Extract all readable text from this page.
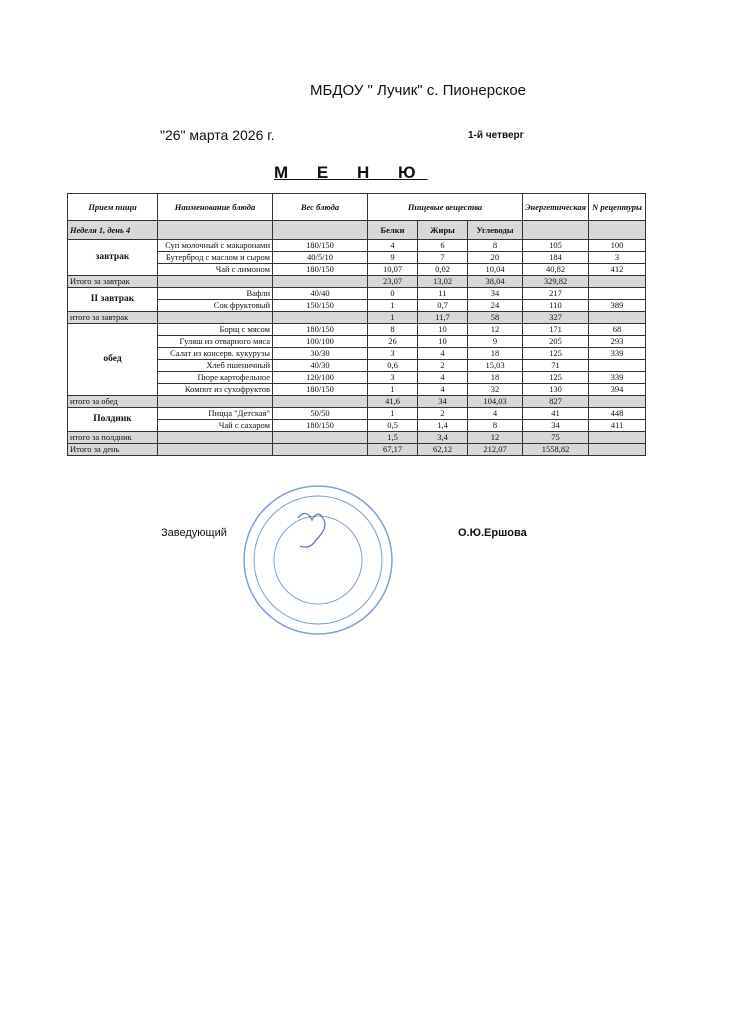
МБДОУ " Лучик" с. Пионерское
"26" марта 2026 г.	1-й четверг
М Е Н Ю
Прием пищи	Наименование блюда	Вес блюда	Пищевые вещества			Энергетическая	N рецептуры
Неделя 1, день 4			Белки	Жиры	Углеводы		
завтрак	Суп молочный с макаронами	180/150	4	6	8	105	100
	Бутерброд с маслом и сыром	40/5/10	9	7	20	184	3
	Чай с лимоном	180/150	10,07	0,02	10,04	40,82	412
Итого за завтрак			23,07	13,02	38,04	329,82	
II завтрак	Вафли	40/40	0	11	34	217	
	Сок фруктовый	150/150	1	0,7	24	110	389
итого за завтрак			1	11,7	58	327	
обед	Борщ с мясом	180/150	8	10	12	171	68
	Гуляш из отварного мяса	100/100	26	10	9	205	293
	Салат из консерв. кукурузы	30/30	3	4	18	125	339
	Хлеб пшеничный	40/30	0,6	2	15,03	71	
	Пюре картофельное	120/100	3	4	18	125	339
	Компот из сухофруктов	180/150	1	4	32	130	394
итого за обед			41,6	34	104,03	827	
Полдник	Пицца "Детская"	50/50	1	2	4	41	448
	Чай с сахаром	180/150	0,5	1,4	8	34	411
итого за полдник			1,5	3,4	12	75	
Итого за день			67,17	62,12	212,07	1558,82	
Заведующий	О.Ю.Ершова
